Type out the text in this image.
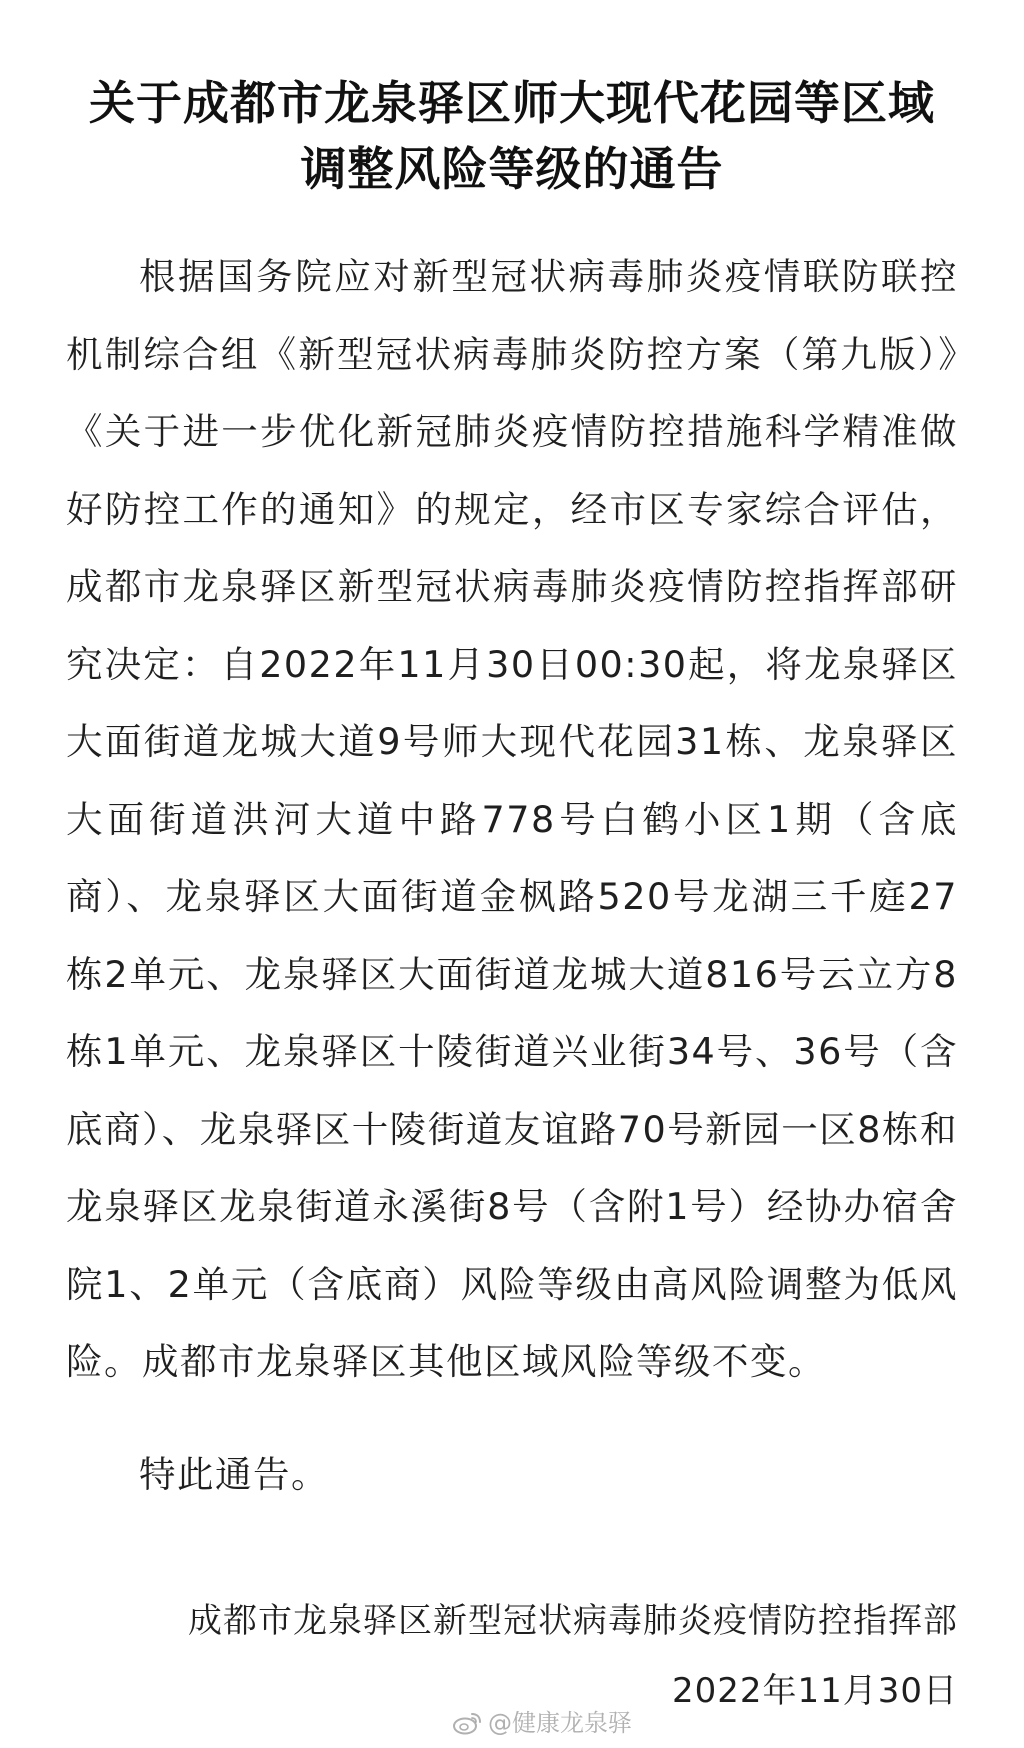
关于成都市龙泉驿区师大现代花园等区域
调整风险等级的通告

根据国务院应对新型冠状病毒肺炎疫情联防联控机制综合组《新型冠状病毒肺炎防控方案（第九版）》《关于进一步优化新冠肺炎疫情防控措施科学精准做好防控工作的通知》的规定，经市区专家综合评估，成都市龙泉驿区新型冠状病毒肺炎疫情防控指挥部研究决定：自2022年11月30日00:30起，将龙泉驿区大面街道龙城大道9号师大现代花园31栋、龙泉驿区大面街道洪河大道中路778号白鹤小区1期（含底商）、龙泉驿区大面街道金枫路520号龙湖三千庭27栋2单元、龙泉驿区大面街道龙城大道816号云立方8栋1单元、龙泉驿区十陵街道兴业街34号、36号（含底商）、龙泉驿区十陵街道友谊路70号新园一区8栋和龙泉驿区龙泉街道永溪街8号（含附1号）经协办宿舍院1、2单元（含底商）风险等级由高风险调整为低风险。成都市龙泉驿区其他区域风险等级不变。

特此通告。

成都市龙泉驿区新型冠状病毒肺炎疫情防控指挥部
2022年11月30日
@健康龙泉驿
